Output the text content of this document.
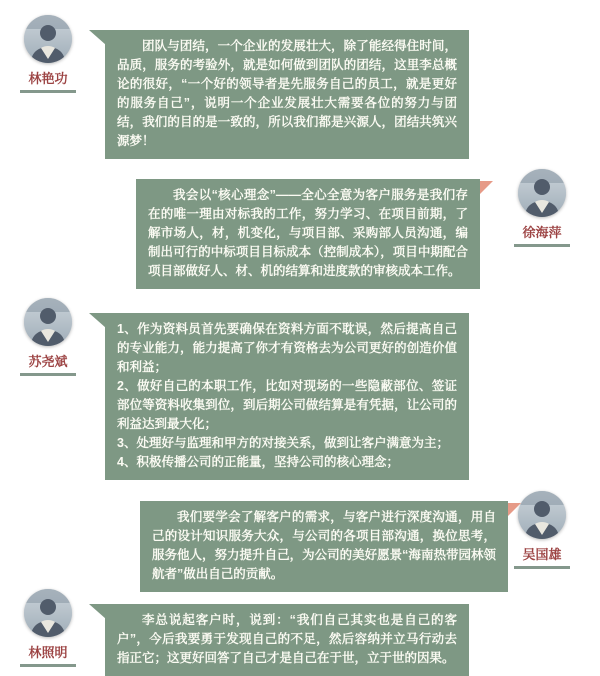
林艳功

团队与团结，一个企业的发展壮大，除了能经得住时间，品质，服务的考验外，就是如何做到团队的团结，这里李总概论的很好，“一个好的领导者是先服务自己的员工，就是更好的服务自己”，说明一个企业发展壮大需要各位的努力与团结，我们的目的是一致的，所以我们都是兴源人，团结共筑兴源梦！

徐海萍

我会以“核心理念”——全心全意为客户服务是我们存在的唯一理由对标我的工作，努力学习、在项目前期，了解市场人，材，机变化，与项目部、采购部人员沟通，编制出可行的中标项目目标成本（控制成本），项目中期配合项目部做好人、材、机的结算和进度款的审核成本工作。

苏尧斌

1、作为资料员首先要确保在资料方面不耽误，然后提高自己的专业能力，能力提高了你才有资格去为公司更好的创造价值和利益；

2、做好自己的本职工作，比如对现场的一些隐蔽部位、签证部位等资料收集到位，到后期公司做结算是有凭据，让公司的利益达到最大化；

3、处理好与监理和甲方的对接关系，做到让客户满意为主；

4、积极传播公司的正能量，坚持公司的核心理念；

吴国雄

我们要学会了解客户的需求，与客户进行深度沟通，用自己的设计知识服务大众，与公司的各项目部沟通，换位思考，服务他人，努力提升自己，为公司的美好愿景“海南热带园林领航者”做出自己的贡献。

林照明

李总说起客户时，说到：“我们自己其实也是自己的客户”，今后我要勇于发现自己的不足，然后容纳并立马行动去指正它；这更好回答了自己才是自己在于世，立于世的因果。
